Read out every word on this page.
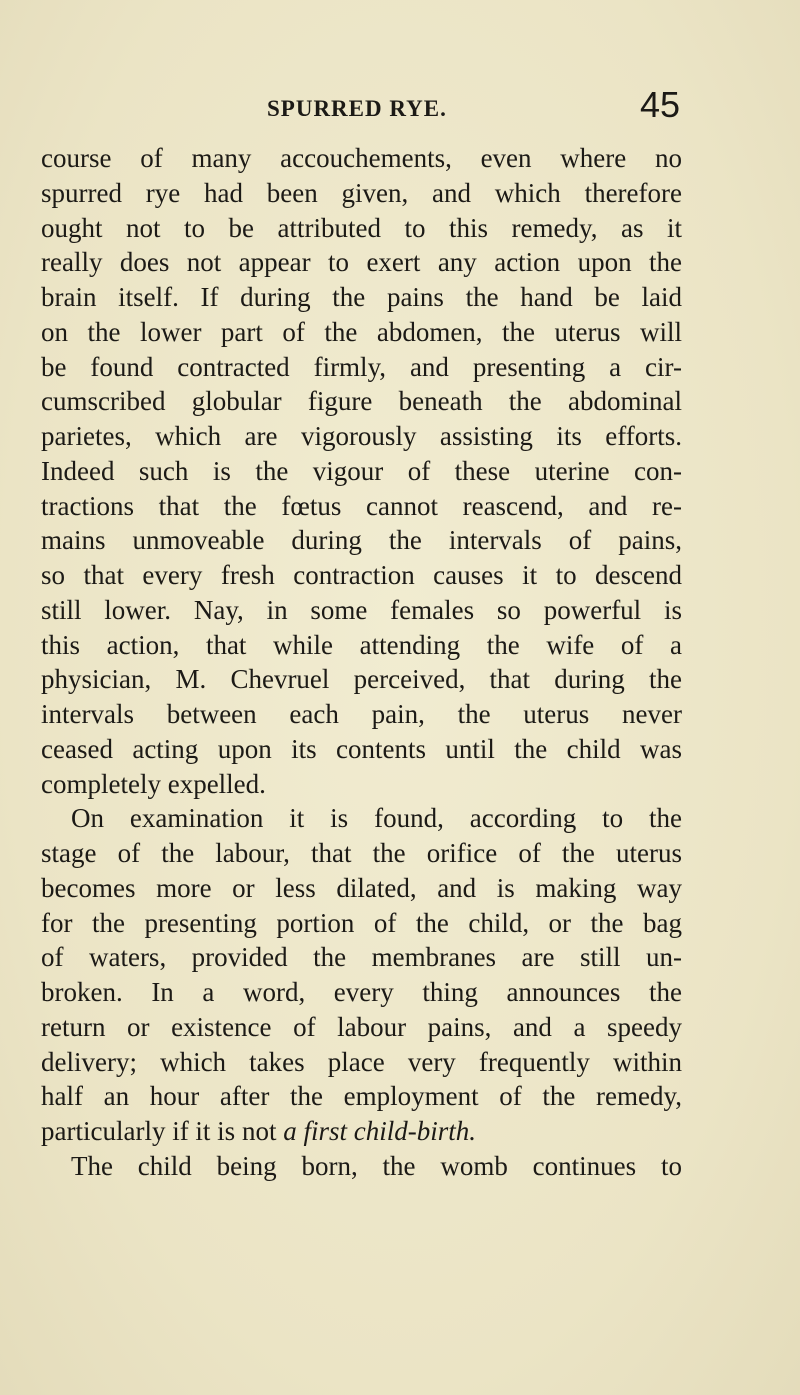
SPURRED RYE.	45
course of many accouchements, even where no
spurred rye had been given, and which therefore
ought not to be attributed to this remedy, as it
really does not appear to exert any action upon the
brain itself. If during the pains the hand be laid
on the lower part of the abdomen, the uterus will
be found contracted firmly, and presenting a cir-
cumscribed globular figure beneath the abdominal
parietes, which are vigorously assisting its efforts.
Indeed such is the vigour of these uterine con-
tractions that the fœtus cannot reascend, and re-
mains unmoveable during the intervals of pains,
so that every fresh contraction causes it to descend
still lower. Nay, in some females so powerful is
this action, that while attending the wife of a
physician, M. Chevruel perceived, that during the
intervals between each pain, the uterus never
ceased acting upon its contents until the child was
completely expelled.
On examination it is found, according to the
stage of the labour, that the orifice of the uterus
becomes more or less dilated, and is making way
for the presenting portion of the child, or the bag
of waters, provided the membranes are still un-
broken. In a word, every thing announces the
return or existence of labour pains, and a speedy
delivery; which takes place very frequently within
half an hour after the employment of the remedy,
particularly if it is not a first child-birth.
The child being born, the womb continues to
